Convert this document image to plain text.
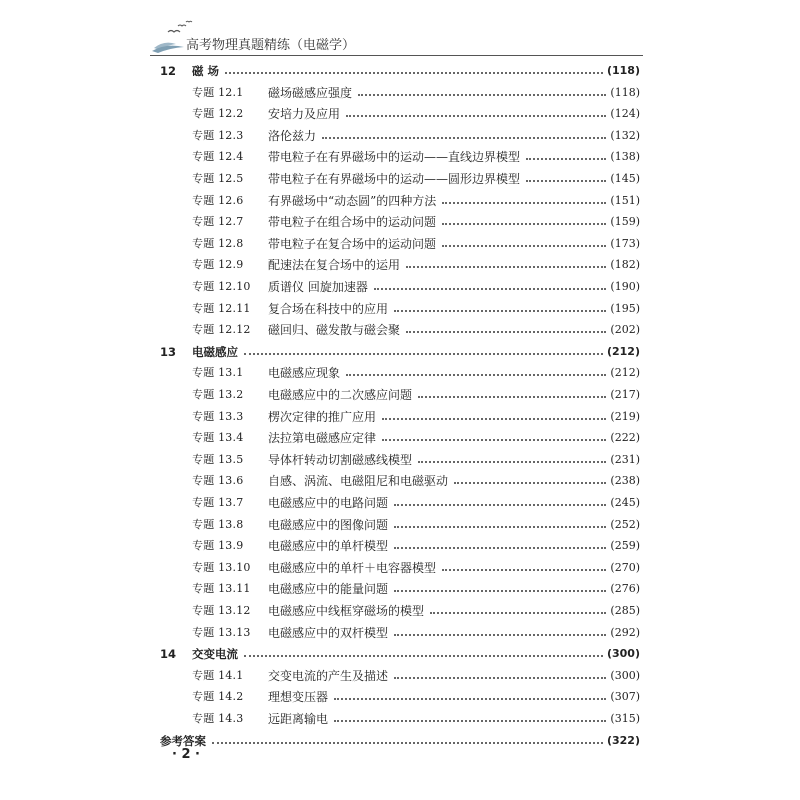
高考物理真题精练（电磁学）
12	磁 场	(118)
专题 12.1	磁场磁感应强度	(118)
专题 12.2	安培力及应用	(124)
专题 12.3	洛伦兹力	(132)
专题 12.4	带电粒子在有界磁场中的运动——直线边界模型	(138)
专题 12.5	带电粒子在有界磁场中的运动——圆形边界模型	(145)
专题 12.6	有界磁场中“动态圆”的四种方法	(151)
专题 12.7	带电粒子在组合场中的运动问题	(159)
专题 12.8	带电粒子在复合场中的运动问题	(173)
专题 12.9	配速法在复合场中的运用	(182)
专题 12.10	质谱仪 回旋加速器	(190)
专题 12.11	复合场在科技中的应用	(195)
专题 12.12	磁回归、磁发散与磁会聚	(202)
13	电磁感应	(212)
专题 13.1	电磁感应现象	(212)
专题 13.2	电磁感应中的二次感应问题	(217)
专题 13.3	楞次定律的推广应用	(219)
专题 13.4	法拉第电磁感应定律	(222)
专题 13.5	导体杆转动切割磁感线模型	(231)
专题 13.6	自感、涡流、电磁阻尼和电磁驱动	(238)
专题 13.7	电磁感应中的电路问题	(245)
专题 13.8	电磁感应中的图像问题	(252)
专题 13.9	电磁感应中的单杆模型	(259)
专题 13.10	电磁感应中的单杆＋电容器模型	(270)
专题 13.11	电磁感应中的能量问题	(276)
专题 13.12	电磁感应中线框穿磁场的模型	(285)
专题 13.13	电磁感应中的双杆模型	(292)
14	交变电流	(300)
专题 14.1	交变电流的产生及描述	(300)
专题 14.2	理想变压器	(307)
专题 14.3	远距离输电	(315)
参考答案	(322)
· 2 ·
